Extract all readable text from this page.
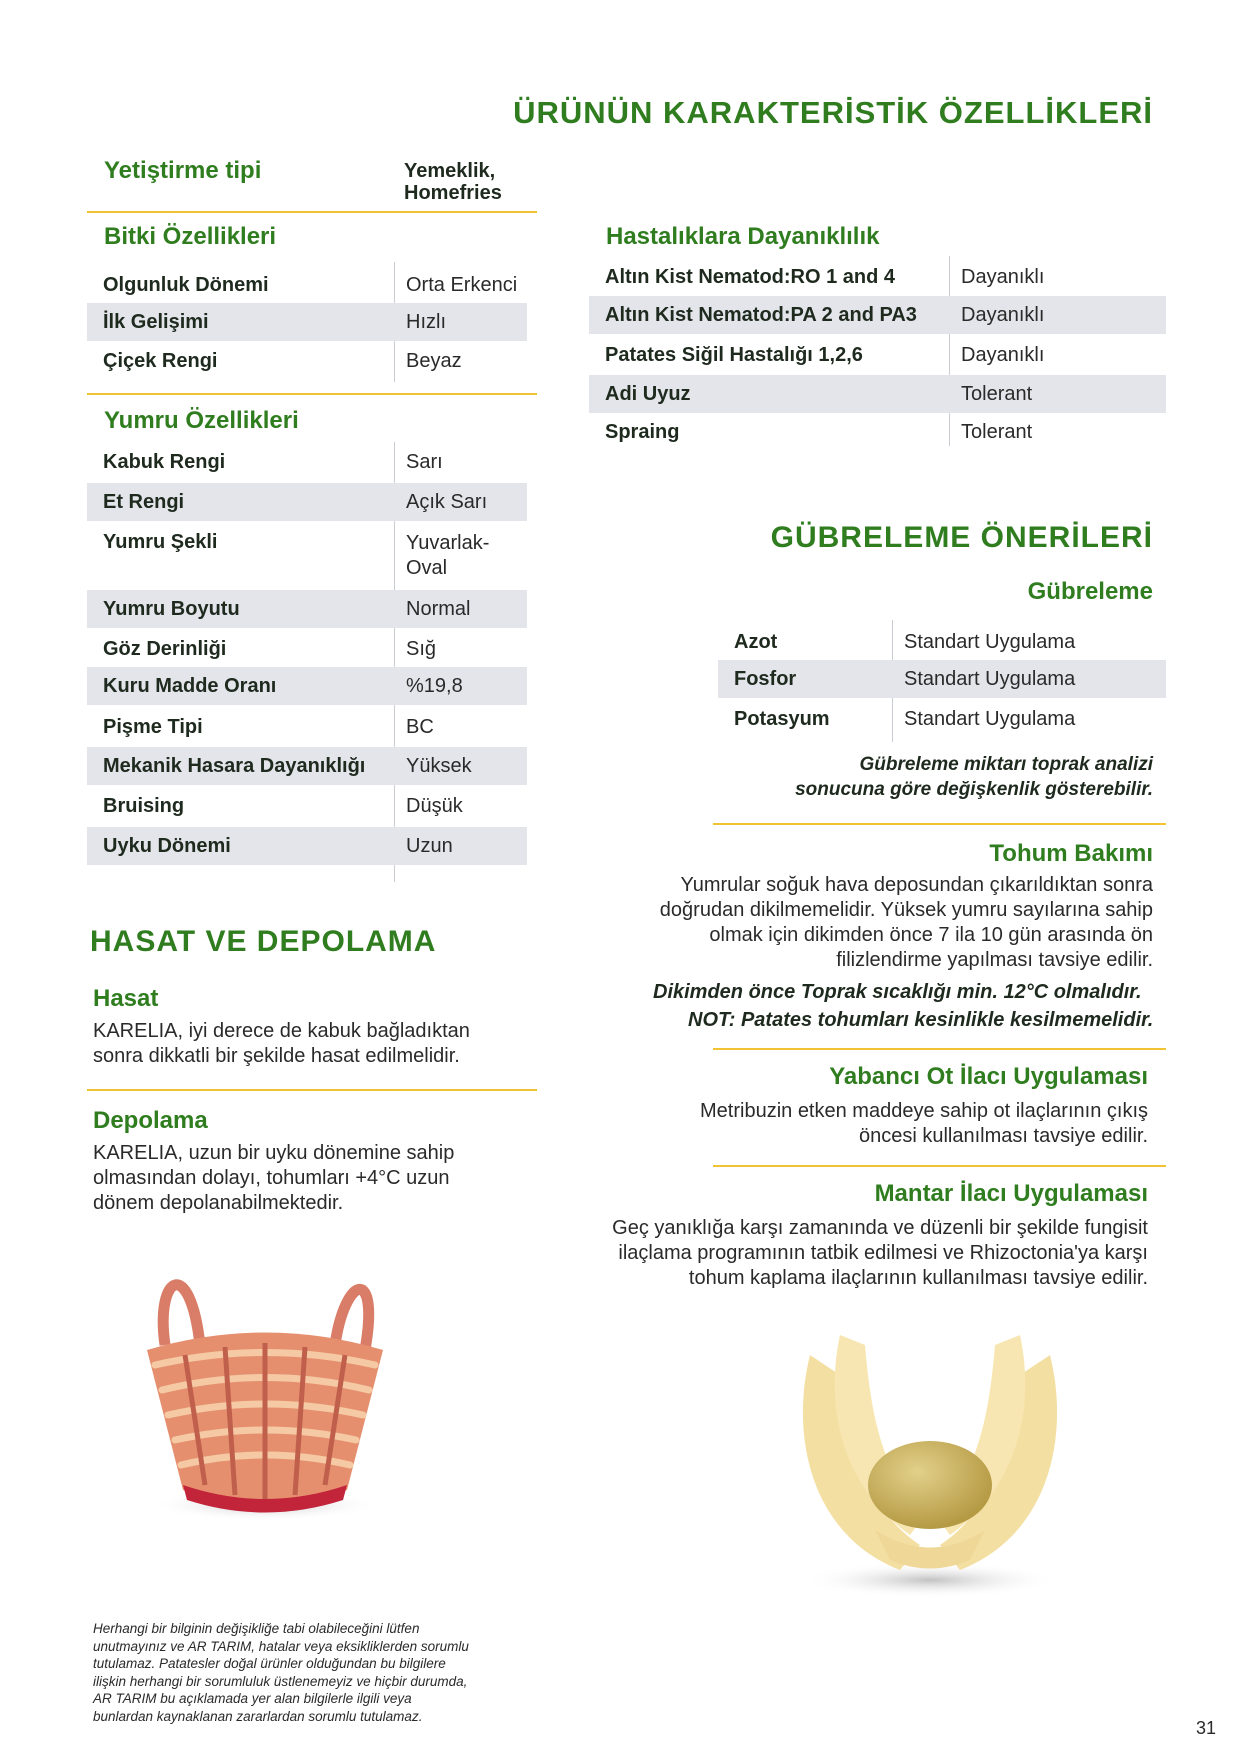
ÜRÜNÜN KARAKTERİSTİK ÖZELLİKLERİ
Yetiştirme tipi	Yemeklik, Homefries
Bitki Özellikleri
Olgunluk Dönemi	Orta Erkenci
İlk Gelişimi	Hızlı
Çiçek Rengi	Beyaz
Yumru Özellikleri
Kabuk Rengi	Sarı
Et Rengi	Açık Sarı
Yumru Şekli	Yuvarlak-Oval
Yumru Boyutu	Normal
Göz Derinliği	Sığ
Kuru Madde Oranı	%19,8
Pişme Tipi	BC
Mekanik Hasara Dayanıklığı	Yüksek
Bruising	Düşük
Uyku Dönemi	Uzun
Hastalıklara Dayanıklılık
Altın Kist Nematod:RO 1 and 4	Dayanıklı
Altın Kist Nematod:PA 2 and PA3	Dayanıklı
Patates Siğil Hastalığı 1,2,6	Dayanıklı
Adi Uyuz	Tolerant
Spraing	Tolerant
HASAT VE DEPOLAMA
Hasat
KARELIA, iyi derece de kabuk bağladıktan
sonra dikkatli bir şekilde hasat edilmelidir.
Depolama
KARELIA, uzun bir uyku dönemine sahip
olmasından dolayı, tohumları +4°C uzun
dönem depolanabilmektedir.
GÜBRELEME ÖNERİLERİ
Gübreleme
Azot	Standart Uygulama
Fosfor	Standart Uygulama
Potasyum	Standart Uygulama
Gübreleme miktarı toprak analizi
sonucuna göre değişkenlik gösterebilir.
Tohum Bakımı
Yumrular soğuk hava deposundan çıkarıldıktan sonra
doğrudan dikilmemelidir. Yüksek yumru sayılarına sahip
olmak için dikimden önce 7 ila 10 gün arasında ön
filizlendirme yapılması tavsiye edilir.
Dikimden önce Toprak sıcaklığı min. 12°C olmalıdır.
NOT: Patates tohumları kesinlikle kesilmemelidir.
Yabancı Ot İlacı Uygulaması
Metribuzin etken maddeye sahip ot ilaçlarının çıkış
öncesi kullanılması tavsiye edilir.
Mantar İlacı Uygulaması
Geç yanıklığa karşı zamanında ve düzenli bir şekilde fungisit
ilaçlama programının tatbik edilmesi ve Rhizoctonia'ya karşı
tohum kaplama ilaçlarının kullanılması tavsiye edilir.
Herhangi bir bilginin değişikliğe tabi olabileceğini lütfen
unutmayınız ve AR TARIM, hatalar veya eksikliklerden sorumlu
tutulamaz. Patatesler doğal ürünler olduğundan bu bilgilere
ilişkin herhangi bir sorumluluk üstlenemeyiz ve hiçbir durumda,
AR TARIM bu açıklamada yer alan bilgilerle ilgili veya
bunlardan kaynaklanan zararlardan sorumlu tutulamaz.
31
